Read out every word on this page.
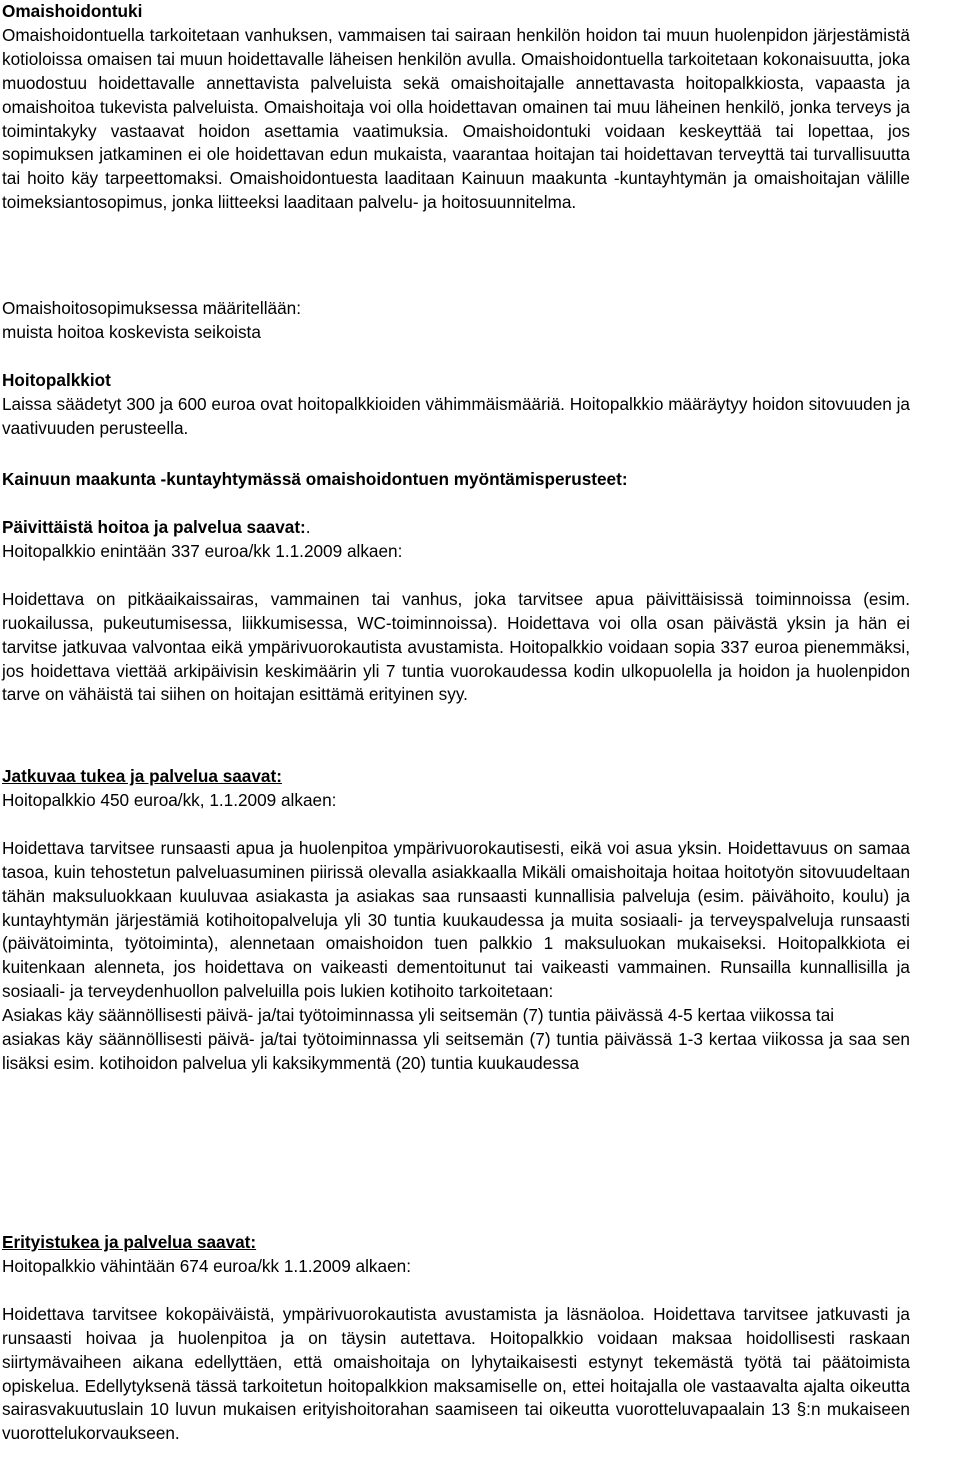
Omaishoidontuki
Omaishoidontuella tarkoitetaan vanhuksen, vammaisen tai sairaan henkilön hoidon tai muun huolenpidon järjestämistä kotioloissa omaisen tai muun hoidettavalle läheisen henkilön avulla. Omaishoidontuella tarkoitetaan kokonaisuutta, joka muodostuu hoidettavalle annettavista palveluista sekä omaishoitajalle annettavasta hoitopalkkiosta, vapaasta ja omaishoitoa tukevista palveluista. Omaishoitaja voi olla hoidettavan omainen tai muu läheinen henkilö, jonka terveys ja toimintakyky vastaavat hoidon asettamia vaatimuksia. Omaishoidontuki voidaan keskeyttää tai lopettaa, jos sopimuksen jatkaminen ei ole hoidettavan edun mukaista, vaarantaa hoitajan tai hoidettavan terveyttä tai turvallisuutta tai hoito käy tarpeettomaksi. Omaishoidontuesta laaditaan Kainuun maakunta -kuntayhtymän ja omaishoitajan välille toimeksiantosopimus, jonka liitteeksi laaditaan palvelu- ja hoitosuunnitelma.
Omaishoitosopimuksessa määritellään:
muista hoitoa koskevista seikoista
Hoitopalkkiot
Laissa säädetyt 300 ja 600 euroa ovat hoitopalkkioiden vähimmäismääriä. Hoitopalkkio määräytyy hoidon sitovuuden ja vaativuuden perusteella.
Kainuun maakunta -kuntayhtymässä omaishoidontuen myöntämisperusteet:
Päivittäistä hoitoa ja palvelua saavat:.
Hoitopalkkio enintään 337 euroa/kk 1.1.2009 alkaen:
Hoidettava on pitkäaikaissairas, vammainen tai vanhus, joka tarvitsee apua päivittäisissä toiminnoissa (esim. ruokailussa, pukeutumisessa, liikkumisessa, WC-toiminnoissa). Hoidettava voi olla osan päivästä yksin ja hän ei tarvitse jatkuvaa valvontaa eikä ympärivuorokautista avustamista. Hoitopalkkio voidaan sopia 337 euroa pienemmäksi, jos hoidettava viettää arkipäivisin keskimäärin yli 7 tuntia vuorokaudessa kodin ulkopuolella ja hoidon ja huolenpidon tarve on vähäistä tai siihen on hoitajan esittämä erityinen syy.
Jatkuvaa tukea ja palvelua saavat:
Hoitopalkkio 450 euroa/kk, 1.1.2009 alkaen:
Hoidettava tarvitsee runsaasti apua ja huolenpitoa ympärivuorokautisesti, eikä voi asua yksin. Hoidettavuus on samaa tasoa, kuin tehostetun palveluasuminen piirissä olevalla asiakkaalla Mikäli omaishoitaja hoitaa hoitotyön sitovuudeltaan tähän maksuluokkaan kuuluvaa asiakasta ja asiakas saa runsaasti kunnallisia palveluja (esim. päivähoito, koulu) ja kuntayhtymän järjestämiä kotihoitopalveluja yli 30 tuntia kuukaudessa ja muita sosiaali- ja terveyspalveluja runsaasti (päivätoiminta, työtoiminta), alennetaan omaishoidon tuen palkkio 1 maksuluokan mukaiseksi. Hoitopalkkiota ei kuitenkaan alenneta, jos hoidettava on vaikeasti dementoitunut tai vaikeasti vammainen. Runsailla kunnallisilla ja sosiaali- ja terveydenhuollon palveluilla pois lukien kotihoito tarkoitetaan:
Asiakas käy säännöllisesti päivä- ja/tai työtoiminnassa yli seitsemän (7) tuntia päivässä 4-5 kertaa viikossa tai
asiakas käy säännöllisesti päivä- ja/tai työtoiminnassa yli seitsemän (7) tuntia päivässä 1-3 kertaa viikossa ja saa sen lisäksi esim. kotihoidon palvelua yli kaksikymmentä (20) tuntia kuukaudessa
Erityistukea ja palvelua saavat:
Hoitopalkkio vähintään 674 euroa/kk 1.1.2009 alkaen:
Hoidettava tarvitsee kokopäiväistä, ympärivuorokautista avustamista ja läsnäoloa. Hoidettava tarvitsee jatkuvasti ja runsaasti hoivaa ja huolenpitoa ja on täysin autettava. Hoitopalkkio voidaan maksaa hoidollisesti raskaan siirtymävaiheen aikana edellyttäen, että omaishoitaja on lyhytaikaisesti estynyt tekemästä työtä tai päätoimista opiskelua. Edellytyksenä tässä tarkoitetun hoitopalkkion maksamiselle on, ettei hoitajalla ole vastaavalta ajalta oikeutta sairasvakuutuslain 10 luvun mukaisen erityishoitorahan saamiseen tai oikeutta vuorotteluvapaalain 13 §:n mukaiseen vuorottelukorvaukseen.
